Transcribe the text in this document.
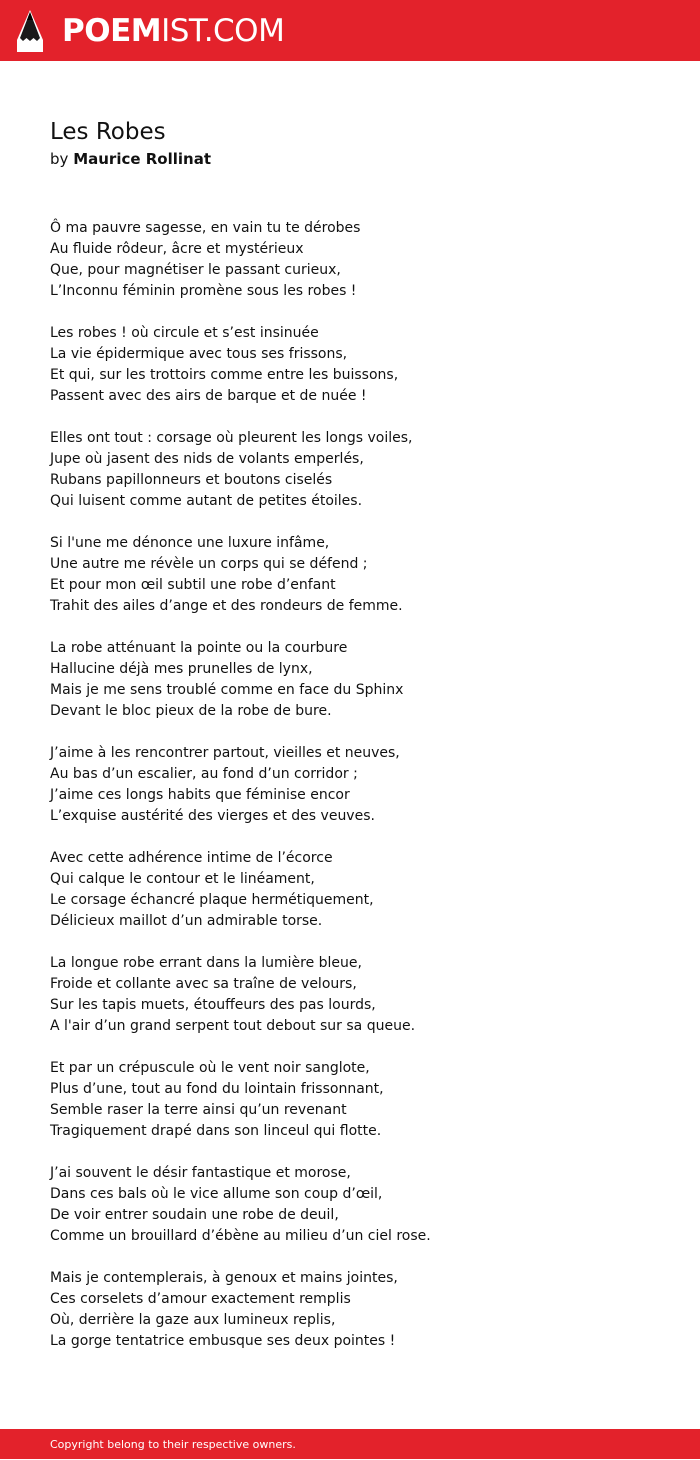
POEMIST.COM
Les Robes
by Maurice Rollinat
Ô ma pauvre sagesse, en vain tu te dérobes
Au fluide rôdeur, âcre et mystérieux
Que, pour magnétiser le passant curieux,
L’Inconnu féminin promène sous les robes !
Les robes ! où circule et s’est insinuée
La vie épidermique avec tous ses frissons,
Et qui, sur les trottoirs comme entre les buissons,
Passent avec des airs de barque et de nuée !
Elles ont tout : corsage où pleurent les longs voiles,
Jupe où jasent des nids de volants emperlés,
Rubans papillonneurs et boutons ciselés
Qui luisent comme autant de petites étoiles.
Si l'une me dénonce une luxure infâme,
Une autre me révèle un corps qui se défend ;
Et pour mon œil subtil une robe d’enfant
Trahit des ailes d’ange et des rondeurs de femme.
La robe atténuant la pointe ou la courbure
Hallucine déjà mes prunelles de lynx,
Mais je me sens troublé comme en face du Sphinx
Devant le bloc pieux de la robe de bure.
J’aime à les rencontrer partout, vieilles et neuves,
Au bas d’un escalier, au fond d’un corridor ;
J’aime ces longs habits que féminise encor
L’exquise austérité des vierges et des veuves.
Avec cette adhérence intime de l’écorce
Qui calque le contour et le linéament,
Le corsage échancré plaque hermétiquement,
Délicieux maillot d’un admirable torse.
La longue robe errant dans la lumière bleue,
Froide et collante avec sa traîne de velours,
Sur les tapis muets, étouffeurs des pas lourds,
A l'air d’un grand serpent tout debout sur sa queue.
Et par un crépuscule où le vent noir sanglote,
Plus d’une, tout au fond du lointain frissonnant,
Semble raser la terre ainsi qu’un revenant
Tragiquement drapé dans son linceul qui flotte.
J’ai souvent le désir fantastique et morose,
Dans ces bals où le vice allume son coup d’œil,
De voir entrer soudain une robe de deuil,
Comme un brouillard d’ébène au milieu d’un ciel rose.
Mais je contemplerais, à genoux et mains jointes,
Ces corselets d’amour exactement remplis
Où, derrière la gaze aux lumineux replis,
La gorge tentatrice embusque ses deux pointes !
Copyright belong to their respective owners.
